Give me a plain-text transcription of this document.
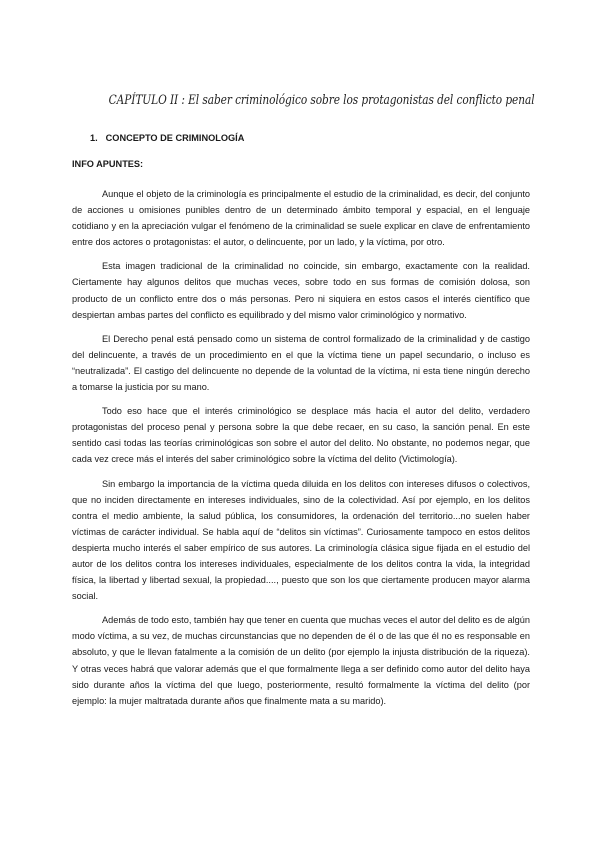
CAPÍTULO II : El saber criminológico sobre los protagonistas del conflicto penal
1. CONCEPTO DE CRIMINOLOGÍA
INFO APUNTES:

Aunque el objeto de la criminología es principalmente el estudio de la criminalidad, es decir, del conjunto de acciones u omisiones punibles dentro de un determinado ámbito temporal y espacial, en el lenguaje cotidiano y en la apreciación vulgar el fenómeno de la criminalidad se suele explicar en clave de enfrentamiento entre dos actores o protagonistas: el autor, o delincuente, por un lado, y la víctima, por otro.

Esta imagen tradicional de la criminalidad no coincide, sin embargo, exactamente con la realidad. Ciertamente hay algunos delitos que muchas veces, sobre todo en sus formas de comisión dolosa, son producto de un conflicto entre dos o más personas. Pero ni siquiera en estos casos el interés científico que despiertan ambas partes del conflicto es equilibrado y del mismo valor criminológico y normativo.

El Derecho penal está pensado como un sistema de control formalizado de la criminalidad y de castigo del delincuente, a través de un procedimiento en el que la víctima tiene un papel secundario, o incluso es “neutralizada”. El castigo del delincuente no depende de la voluntad de la víctima, ni esta tiene ningún derecho a tomarse la justicia por su mano.

Todo eso hace que el interés criminológico se desplace más hacia el autor del delito, verdadero protagonistas del proceso penal y persona sobre la que debe recaer, en su caso, la sanción penal. En este sentido casi todas las teorías criminológicas son sobre el autor del delito. No obstante, no podemos negar, que cada vez crece más el interés del saber criminológico sobre la víctima del delito (Victimología).

Sin embargo la importancia de la víctima queda diluida en los delitos con intereses difusos o colectivos, que no inciden directamente en intereses individuales, sino de la colectividad. Así por ejemplo, en los delitos contra el medio ambiente, la salud pública, los consumidores, la ordenación del territorio...no suelen haber víctimas de carácter individual. Se habla aquí de “delitos sin víctimas”. Curiosamente tampoco en estos delitos despierta mucho interés el saber empírico de sus autores. La criminología clásica sigue fijada en el estudio del autor de los delitos contra los intereses individuales, especialmente de los delitos contra la vida, la integridad física, la libertad y libertad sexual, la propiedad...., puesto que son los que ciertamente producen mayor alarma social.

Además de todo esto, también hay que tener en cuenta que muchas veces el autor del delito es de algún modo víctima, a su vez, de muchas circunstancias que no dependen de él o de las que él no es responsable en absoluto, y que le llevan fatalmente a la comisión de un delito (por ejemplo la injusta distribución de la riqueza). Y otras veces habrá que valorar además que el que formalmente llega a ser definido como autor del delito haya sido durante años la víctima del que luego, posteriormente, resultó formalmente la víctima del delito (por ejemplo: la mujer maltratada durante años que finalmente mata a su marido).
